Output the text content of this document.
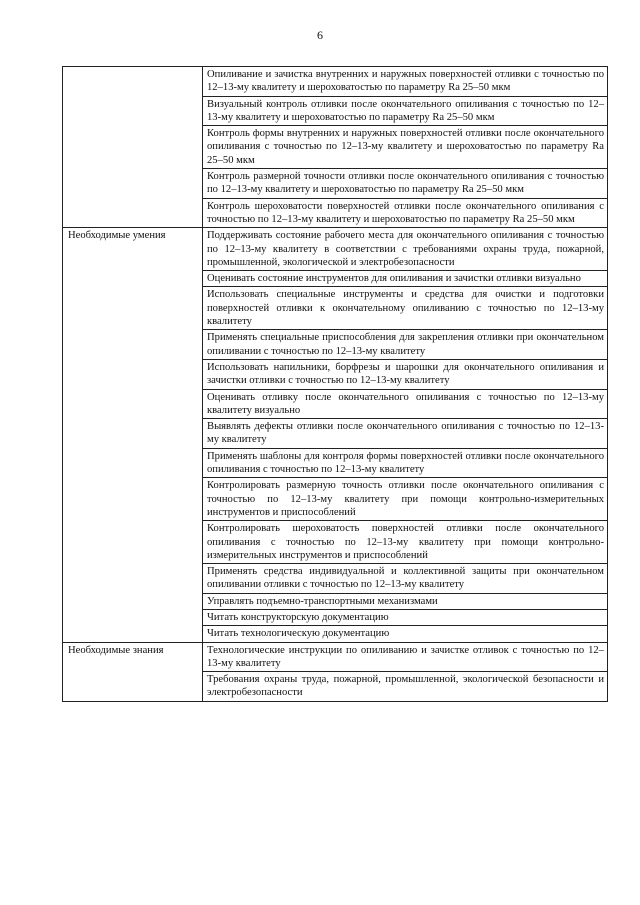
6
	Опиливание и зачистка внутренних и наружных поверхностей отливки с точностью по 12–13-му квалитету и шероховатостью по параметру Ra 25–50 мкм
	Визуальный контроль отливки после окончательного опиливания с точностью по 12–13-му квалитету и шероховатостью по параметру Ra 25–50 мкм
	Контроль формы внутренних и наружных поверхностей отливки после окончательного опиливания с точностью по 12–13-му квалитету и шероховатостью по параметру Ra 25–50 мкм
	Контроль размерной точности отливки после окончательного опиливания с точностью по 12–13-му квалитету и шероховатостью по параметру Ra 25–50 мкм
	Контроль шероховатости поверхностей отливки после окончательного опиливания с точностью по 12–13-му квалитету и шероховатостью по параметру Ra 25–50 мкм
Необходимые умения	Поддерживать состояние рабочего места для окончательного опиливания с точностью по 12–13-му квалитету в соответствии с требованиями охраны труда, пожарной, промышленной, экологической и электробезопасности
	Оценивать состояние инструментов для опиливания и зачистки отливки визуально
	Использовать специальные инструменты и средства для очистки и подготовки поверхностей отливки к окончательному опиливанию с точностью по 12–13-му квалитету
	Применять специальные приспособления для закрепления отливки при окончательном опиливании с точностью по 12–13-му квалитету
	Использовать напильники, борфрезы и шарошки для окончательного опиливания и зачистки отливки с точностью по 12–13-му квалитету
	Оценивать отливку после окончательного опиливания с точностью по 12–13-му квалитету визуально
	Выявлять дефекты отливки после окончательного опиливания с точностью по 12–13-му квалитету
	Применять шаблоны для контроля формы поверхностей отливки после окончательного опиливания с точностью по 12–13-му квалитету
	Контролировать размерную точность отливки после окончательного опиливания с точностью по 12–13-му квалитету при помощи контрольно-измерительных инструментов и приспособлений
	Контролировать шероховатость поверхностей отливки после окончательного опиливания с точностью по 12–13-му квалитету при помощи контрольно-измерительных инструментов и приспособлений
	Применять средства индивидуальной и коллективной защиты при окончательном опиливании отливки с точностью по 12–13-му квалитету
	Управлять подъемно-транспортными механизмами
	Читать конструкторскую документацию
	Читать технологическую документацию
Необходимые знания	Технологические инструкции по опиливанию и зачистке отливок с точностью по 12–13-му квалитету
	Требования охраны труда, пожарной, промышленной, экологической безопасности и электробезопасности
